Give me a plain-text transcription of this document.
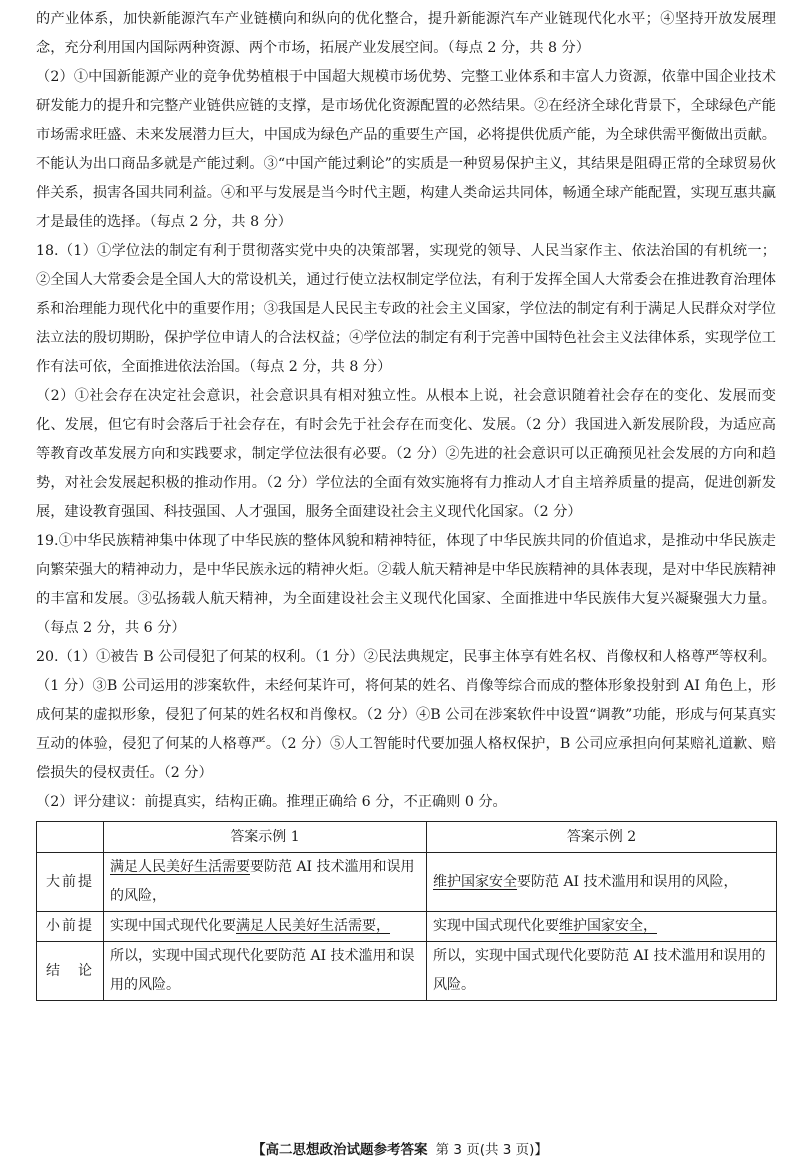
的产业体系，加快新能源汽车产业链横向和纵向的优化整合，提升新能源汽车产业链现代化水平；④坚持开放发展理念，充分利用国内国际两种资源、两个市场，拓展产业发展空间。（每点 2 分，共 8 分）

（2）①中国新能源产业的竞争优势植根于中国超大规模市场优势、完整工业体系和丰富人力资源，依靠中国企业技术研发能力的提升和完整产业链供应链的支撑，是市场优化资源配置的必然结果。②在经济全球化背景下，全球绿色产能市场需求旺盛、未来发展潜力巨大，中国成为绿色产品的重要生产国，必将提供优质产能，为全球供需平衡做出贡献。不能认为出口商品多就是产能过剩。③“中国产能过剩论”的实质是一种贸易保护主义，其结果是阻碍正常的全球贸易伙伴关系，损害各国共同利益。④和平与发展是当今时代主题，构建人类命运共同体，畅通全球产能配置，实现互惠共赢才是最佳的选择。（每点 2 分，共 8 分）

18.（1）①学位法的制定有利于贯彻落实党中央的决策部署，实现党的领导、人民当家作主、依法治国的有机统一；②全国人大常委会是全国人大的常设机关，通过行使立法权制定学位法，有利于发挥全国人大常委会在推进教育治理体系和治理能力现代化中的重要作用；③我国是人民民主专政的社会主义国家，学位法的制定有利于满足人民群众对学位法立法的殷切期盼，保护学位申请人的合法权益；④学位法的制定有利于完善中国特色社会主义法律体系，实现学位工作有法可依，全面推进依法治国。（每点 2 分，共 8 分）

（2）①社会存在决定社会意识，社会意识具有相对独立性。从根本上说，社会意识随着社会存在的变化、发展而变化、发展，但它有时会落后于社会存在，有时会先于社会存在而变化、发展。（2 分）我国进入新发展阶段，为适应高等教育改革发展方向和实践要求，制定学位法很有必要。（2 分）②先进的社会意识可以正确预见社会发展的方向和趋势，对社会发展起积极的推动作用。（2 分）学位法的全面有效实施将有力推动人才自主培养质量的提高，促进创新发展，建设教育强国、科技强国、人才强国，服务全面建设社会主义现代化国家。（2 分）

19.①中华民族精神集中体现了中华民族的整体风貌和精神特征，体现了中华民族共同的价值追求，是推动中华民族走向繁荣强大的精神动力，是中华民族永远的精神火炬。②载人航天精神是中华民族精神的具体表现，是对中华民族精神的丰富和发展。③弘扬载人航天精神，为全面建设社会主义现代化国家、全面推进中华民族伟大复兴凝聚强大力量。（每点 2 分，共 6 分）

20.（1）①被告 B 公司侵犯了何某的权利。（1 分）②民法典规定，民事主体享有姓名权、肖像权和人格尊严等权利。（1 分）③B 公司运用的涉案软件，未经何某许可，将何某的姓名、肖像等综合而成的整体形象投射到 AI 角色上，形成何某的虚拟形象，侵犯了何某的姓名权和肖像权。（2 分）④B 公司在涉案软件中设置“调教”功能，形成与何某真实互动的体验，侵犯了何某的人格尊严。（2 分）⑤人工智能时代要加强人格权保护，B 公司应承担向何某赔礼道歉、赔偿损失的侵权责任。（2 分）

（2）评分建议：前提真实，结构正确。推理正确给 6 分，不正确则 0 分。

	答案示例 1	答案示例 2
大前提	满足人民美好生活需要要防范 AI 技术滥用和误用的风险，	维护国家安全要防范 AI 技术滥用和误用的风险，
小前提	实现中国式现代化要满足人民美好生活需要，	实现中国式现代化要维护国家安全，
结　论	所以，实现中国式现代化要防范 AI 技术滥用和误用的风险。	所以，实现中国式现代化要防范 AI 技术滥用和误用的风险。
【高二思想政治试题参考答案 第 3 页(共 3 页)】
